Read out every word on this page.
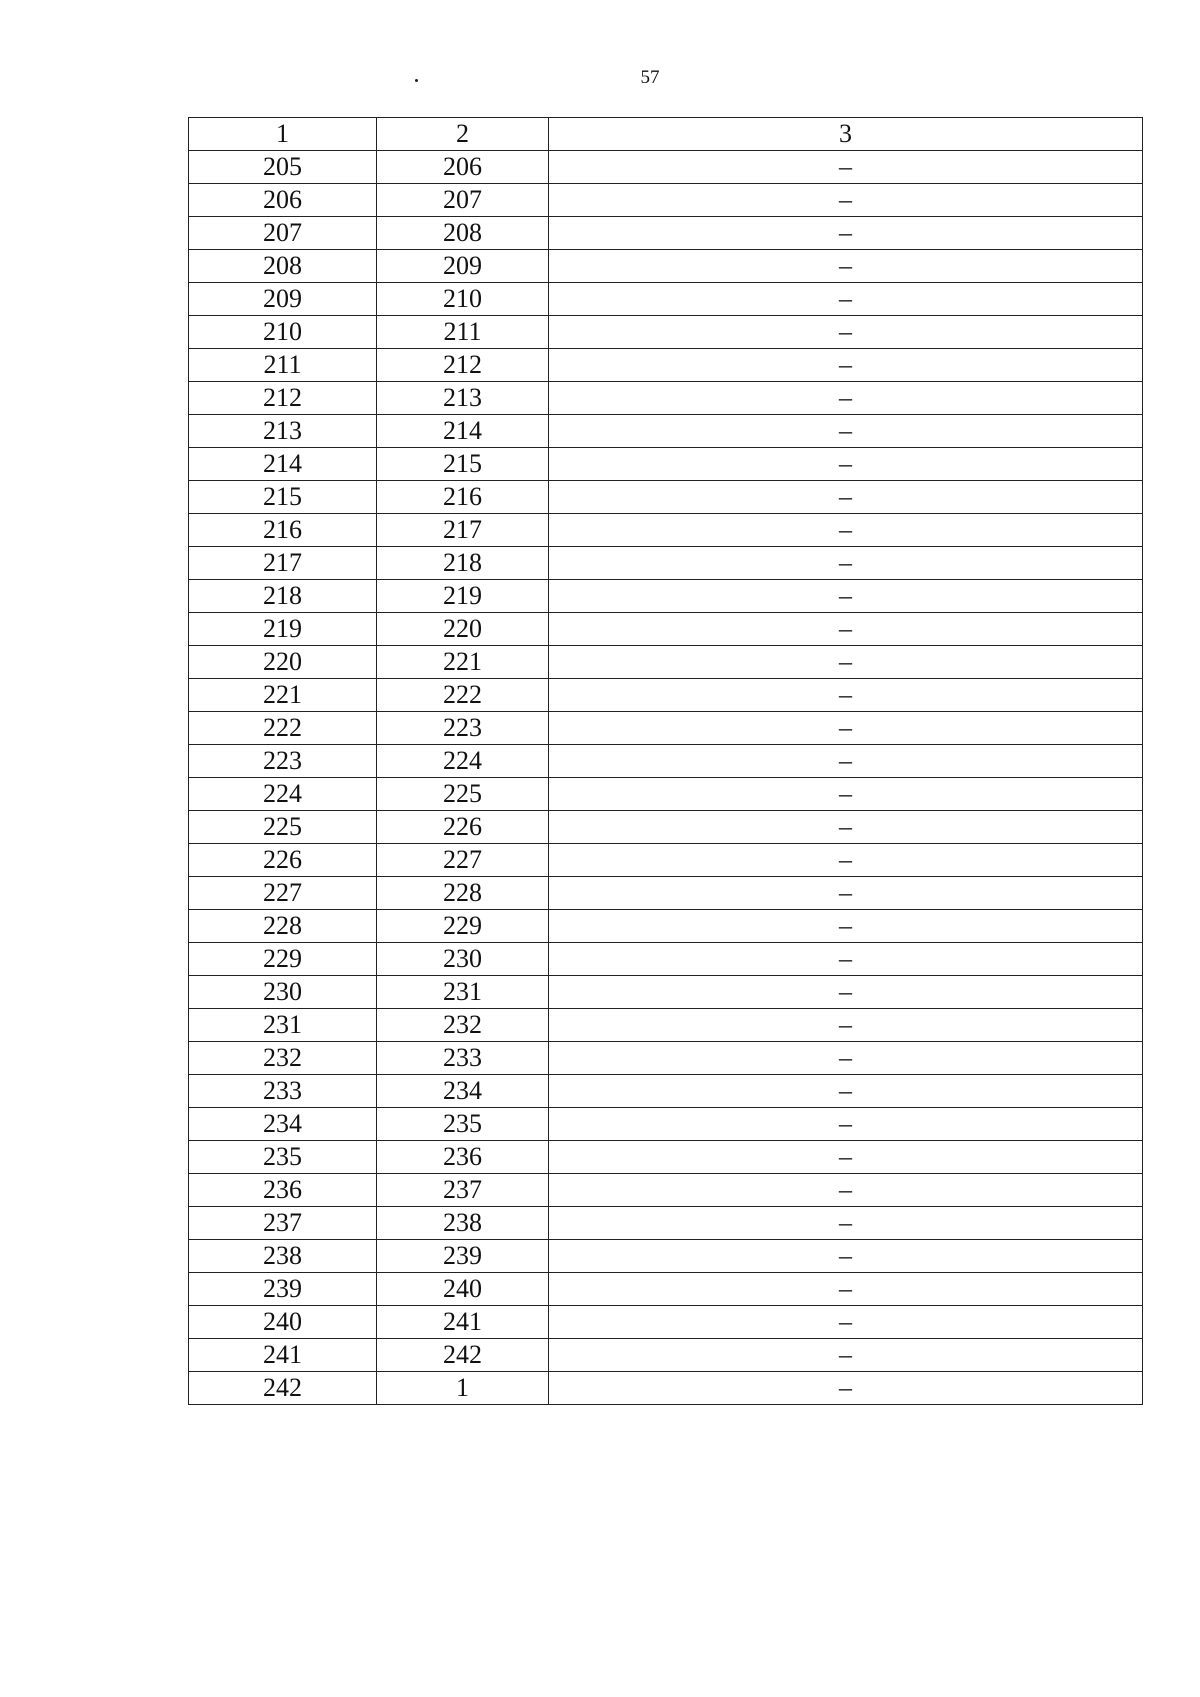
57
1	2	3
205	206	–
206	207	–
207	208	–
208	209	–
209	210	–
210	211	–
211	212	–
212	213	–
213	214	–
214	215	–
215	216	–
216	217	–
217	218	–
218	219	–
219	220	–
220	221	–
221	222	–
222	223	–
223	224	–
224	225	–
225	226	–
226	227	–
227	228	–
228	229	–
229	230	–
230	231	–
231	232	–
232	233	–
233	234	–
234	235	–
235	236	–
236	237	–
237	238	–
238	239	–
239	240	–
240	241	–
241	242	–
242	1	–
